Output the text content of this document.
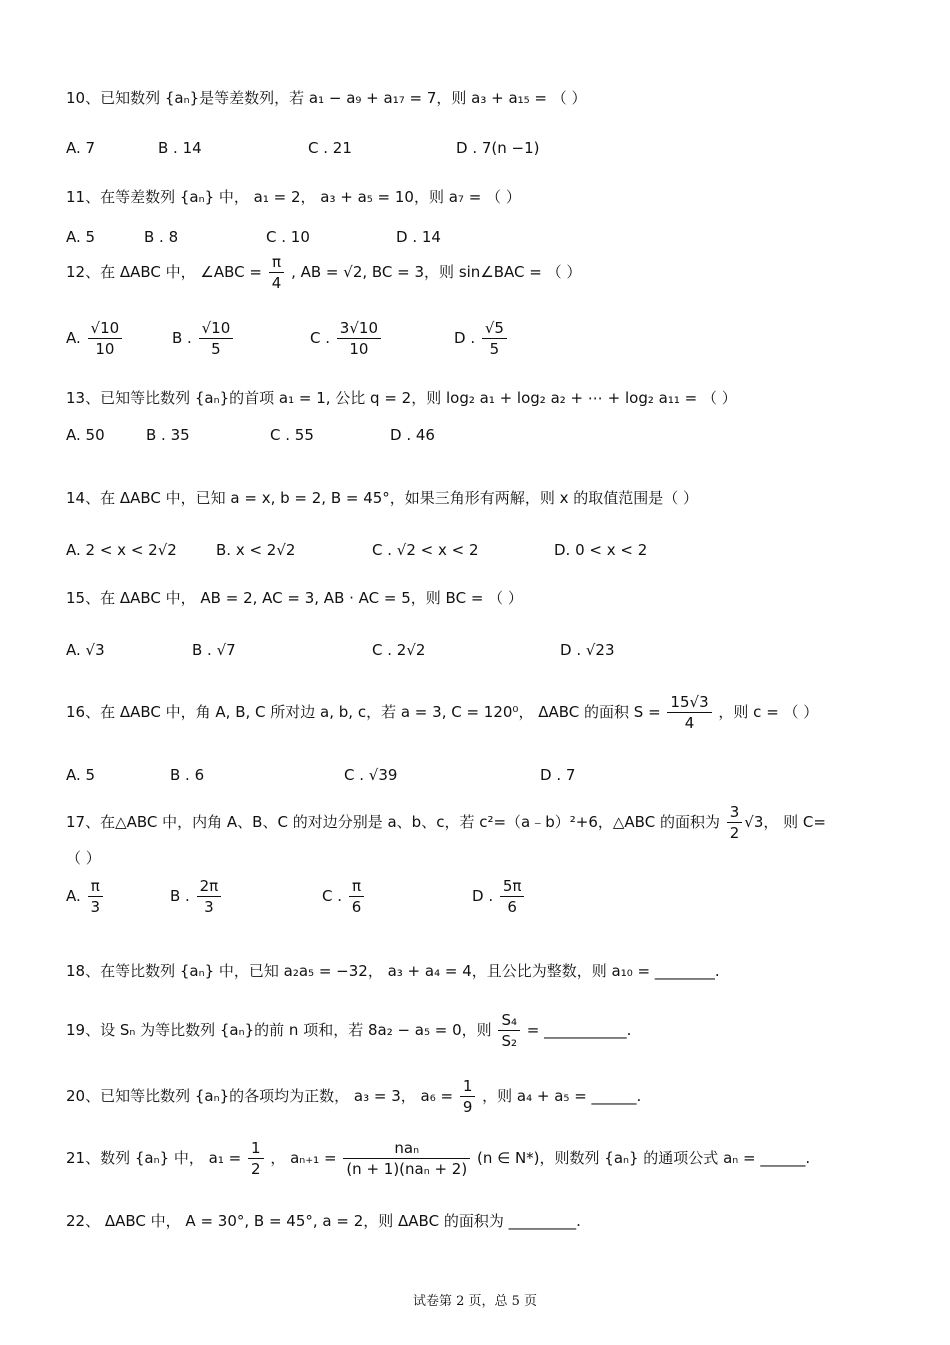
10、已知数列 {aₙ}是等差数列，若 a₁ − a₉ + a₁₇ = 7，则 a₃ + a₁₅ = （ ）
A. 7	B . 14	C . 21	D . 7(n −1)
11、在等差数列 {aₙ} 中， a₁ = 2， a₃ + a₅ = 10，则 a₇ = （ ）
A. 5	B . 8	C . 10	D . 14
12、在 ΔABC 中， ∠ABC = $\frac{\pi}{4}$ , AB = √2, BC = 3，则 sin∠BAC = （ ）
A. $\frac{√10}{10}$	B . $\frac{√10}{5}$	C . $\frac{3√10}{10}$	D . $\frac{√5}{5}$
13、已知等比数列 {aₙ}的首项 a₁ = 1, 公比 q = 2，则 log₂ a₁ + log₂ a₂ + ⋯ + log₂ a₁₁ = （ ）
A. 50	B . 35	C . 55	D . 46
14、在 ΔABC 中，已知 a = x, b = 2, B = 45°，如果三角形有两解，则 x 的取值范围是（ ）
A. 2 < x < 2√2	B. x < 2√2	C . √2 < x < 2	D. 0 < x < 2
15、在 ΔABC 中， AB = 2, AC = 3, AB · AC = 5，则 BC = （ ）
A. √3	B . √7	C . 2√2	D . √23
16、在 ΔABC 中，角 A, B, C 所对边 a, b, c，若 a = 3, C = 120⁰， ΔABC 的面积 $S = \frac{15√3}{4}$ ，则 c = （ ）
A. 5	B . 6	C . √39	D . 7
17、在△ABC 中，内角 A、B、C 的对边分别是 a、b、c，若 c²=（a﹣b）²+6，△ABC 的面积为 $\frac{3}{2} √3$， 则 C=
（ ）
A. $\frac{\pi}{3}$	B . $\frac{2\pi}{3}$	C . $\frac{\pi}{6}$	D . $\frac{5\pi}{6}$
18、在等比数列 {aₙ} 中，已知 a₂a₅ = −32， a₃ + a₄ = 4，且公比为整数，则 a₁₀ = ________.
19、设 Sₙ 为等比数列 {aₙ}的前 n 项和，若 8a₂ − a₅ = 0，则 $\frac{\text{S₄}}{\text{S₂}}$ = ___________.
20、已知等比数列 {aₙ}的各项均为正数， a₃ = 3， $a_6 = \frac{1}{9}$ ，则 a₄ + a₅ = ______.
21、数列 {aₙ} 中， $a_1 = \frac{1}{2}$ ， $a_{n+1} = \frac{\text{naₙ}}{\text{(n + 1)(naₙ + 2)}} (n$ ∈ N*)，则数列 {aₙ} 的通项公式 aₙ = ______.
22、 ΔABC 中， A = 30°, B = 45°, a = 2，则 ΔABC 的面积为 _________.
试卷第 2 页，总 5 页
